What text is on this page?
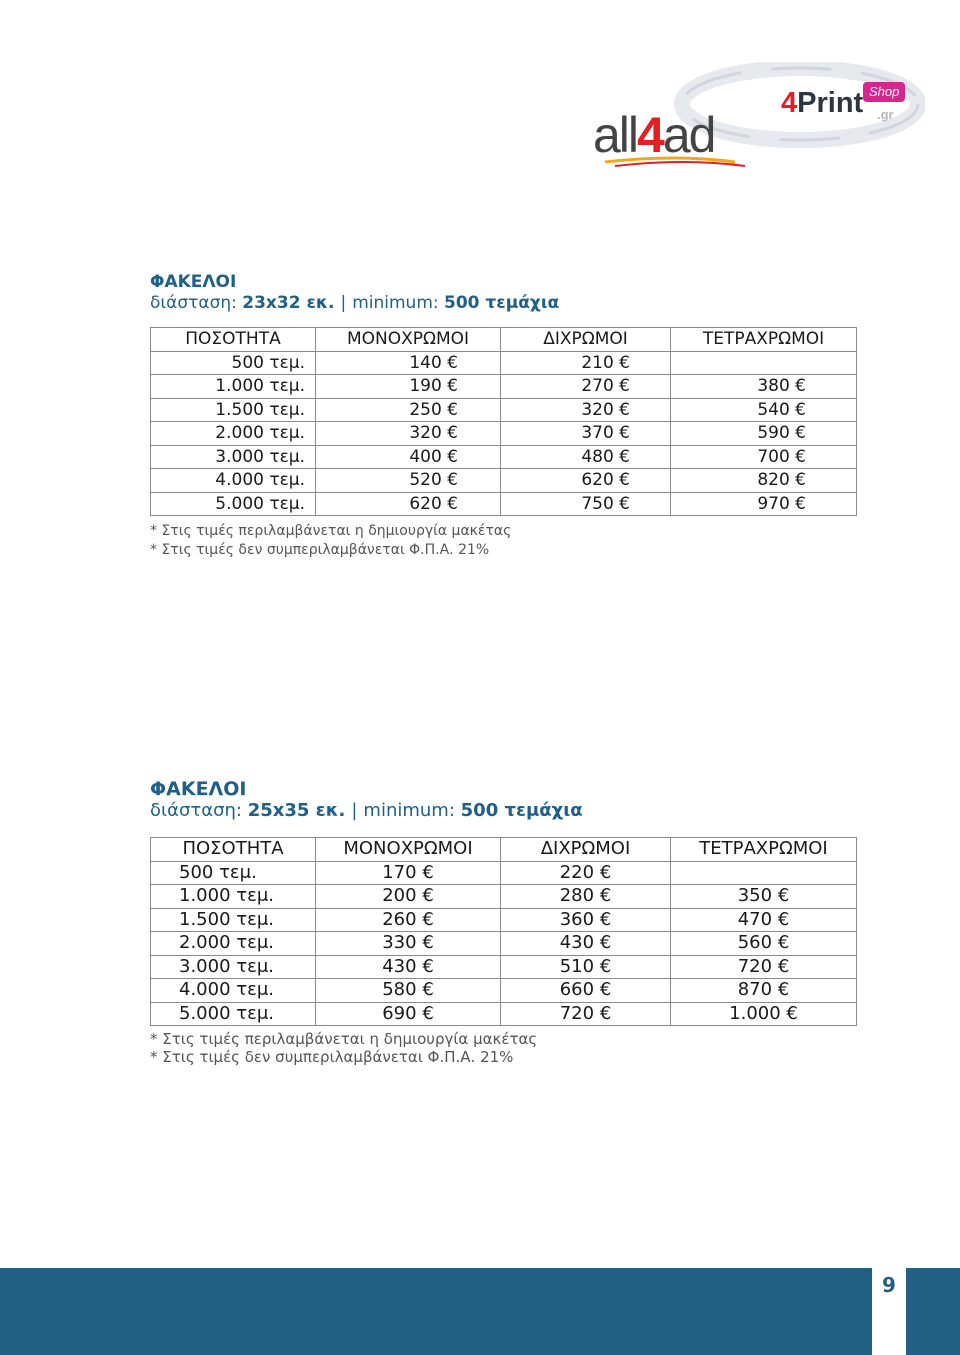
all4ad
4Print Shop
.gr

ΦΑΚΕΛΟΙ

διάσταση: 23x32 εκ. | minimum: 500 τεμάχια

ΠΟΣΟΤΗΤΑ	ΜΟΝΟΧΡΩΜΟΙ	ΔΙΧΡΩΜΟΙ	ΤΕΤΡΑΧΡΩΜΟΙ
500 τεμ.	140 €	210 €	
1.000 τεμ.	190 €	270 €	380 €
1.500 τεμ.	250 €	320 €	540 €
2.000 τεμ.	320 €	370 €	590 €
3.000 τεμ.	400 €	480 €	700 €
4.000 τεμ.	520 €	620 €	820 €
5.000 τεμ.	620 €	750 €	970 €
* Στις τιμές περιλαμβάνεται η δημιουργία μακέτας
* Στις τιμές δεν συμπεριλαμβάνεται Φ.Π.Α. 21%

ΦΑΚΕΛΟΙ

διάσταση: 25x35 εκ. | minimum: 500 τεμάχια

ΠΟΣΟΤΗΤΑ	ΜΟΝΟΧΡΩΜΟΙ	ΔΙΧΡΩΜΟΙ	ΤΕΤΡΑΧΡΩΜΟΙ
500 τεμ.	170 €	220 €	
1.000 τεμ.	200 €	280 €	350 €
1.500 τεμ.	260 €	360 €	470 €
2.000 τεμ.	330 €	430 €	560 €
3.000 τεμ.	430 €	510 €	720 €
4.000 τεμ.	580 €	660 €	870 €
5.000 τεμ.	690 €	720 €	1.000 €
* Στις τιμές περιλαμβάνεται η δημιουργία μακέτας
* Στις τιμές δεν συμπεριλαμβάνεται Φ.Π.Α. 21%
9
